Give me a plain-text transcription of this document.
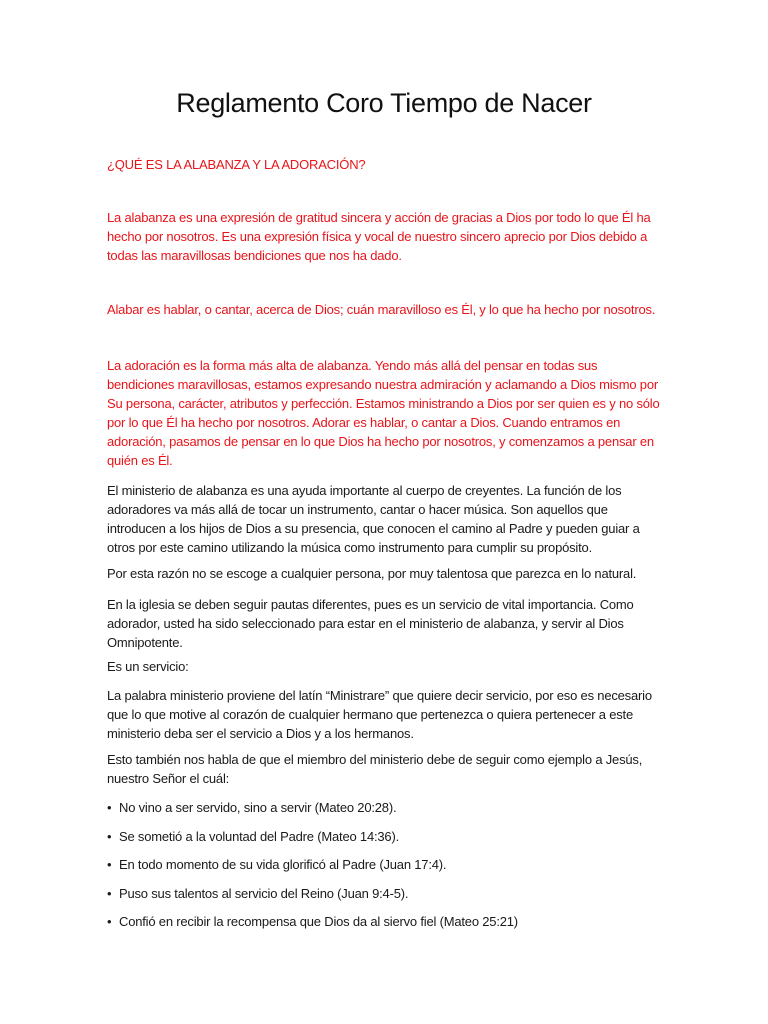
Reglamento Coro Tiempo de Nacer

¿QUÉ ES LA ALABANZA Y LA ADORACIÓN?

La alabanza es una expresión de gratitud sincera y acción de gracias a Dios por todo lo que Él ha hecho por nosotros. Es una expresión física y vocal de nuestro sincero aprecio por Dios debido a todas las maravillosas bendiciones que nos ha dado.

Alabar es hablar, o cantar, acerca de Dios; cuán maravilloso es Él, y lo que ha hecho por nosotros.

La adoración es la forma más alta de alabanza. Yendo más allá del pensar en todas sus bendiciones maravillosas, estamos expresando nuestra admiración y aclamando a Dios mismo por Su persona, carácter, atributos y perfección. Estamos ministrando a Dios por ser quien es y no sólo por lo que Él ha hecho por nosotros. Adorar es hablar, o cantar a Dios. Cuando entramos en adoración, pasamos de pensar en lo que Dios ha hecho por nosotros, y comenzamos a pensar en quién es Él.

El ministerio de alabanza es una ayuda importante al cuerpo de creyentes. La función de los adoradores va más allá de tocar un instrumento, cantar o hacer música. Son aquellos que introducen a los hijos de Dios a su presencia, que conocen el camino al Padre y pueden guiar a otros por este camino utilizando la música como instrumento para cumplir su propósito.

Por esta razón no se escoge a cualquier persona, por muy talentosa que parezca en lo natural.

En la iglesia se deben seguir pautas diferentes, pues es un servicio de vital importancia. Como adorador, usted ha sido seleccionado para estar en el ministerio de alabanza, y servir al Dios Omnipotente.

Es un servicio:

La palabra ministerio proviene del latín “Ministrare” que quiere decir servicio, por eso es necesario que lo que motive al corazón de cualquier hermano que pertenezca o quiera pertenecer a este ministerio deba ser el servicio a Dios y a los hermanos.

Esto también nos habla de que el miembro del ministerio debe de seguir como ejemplo a Jesús, nuestro Señor el cuál:

• No vino a ser servido, sino a servir (Mateo 20:28).

• Se sometió a la voluntad del Padre (Mateo 14:36).

• En todo momento de su vida glorificó al Padre (Juan 17:4).

• Puso sus talentos al servicio del Reino (Juan 9:4-5).

• Confió en recibir la recompensa que Dios da al siervo fiel (Mateo 25:21)
